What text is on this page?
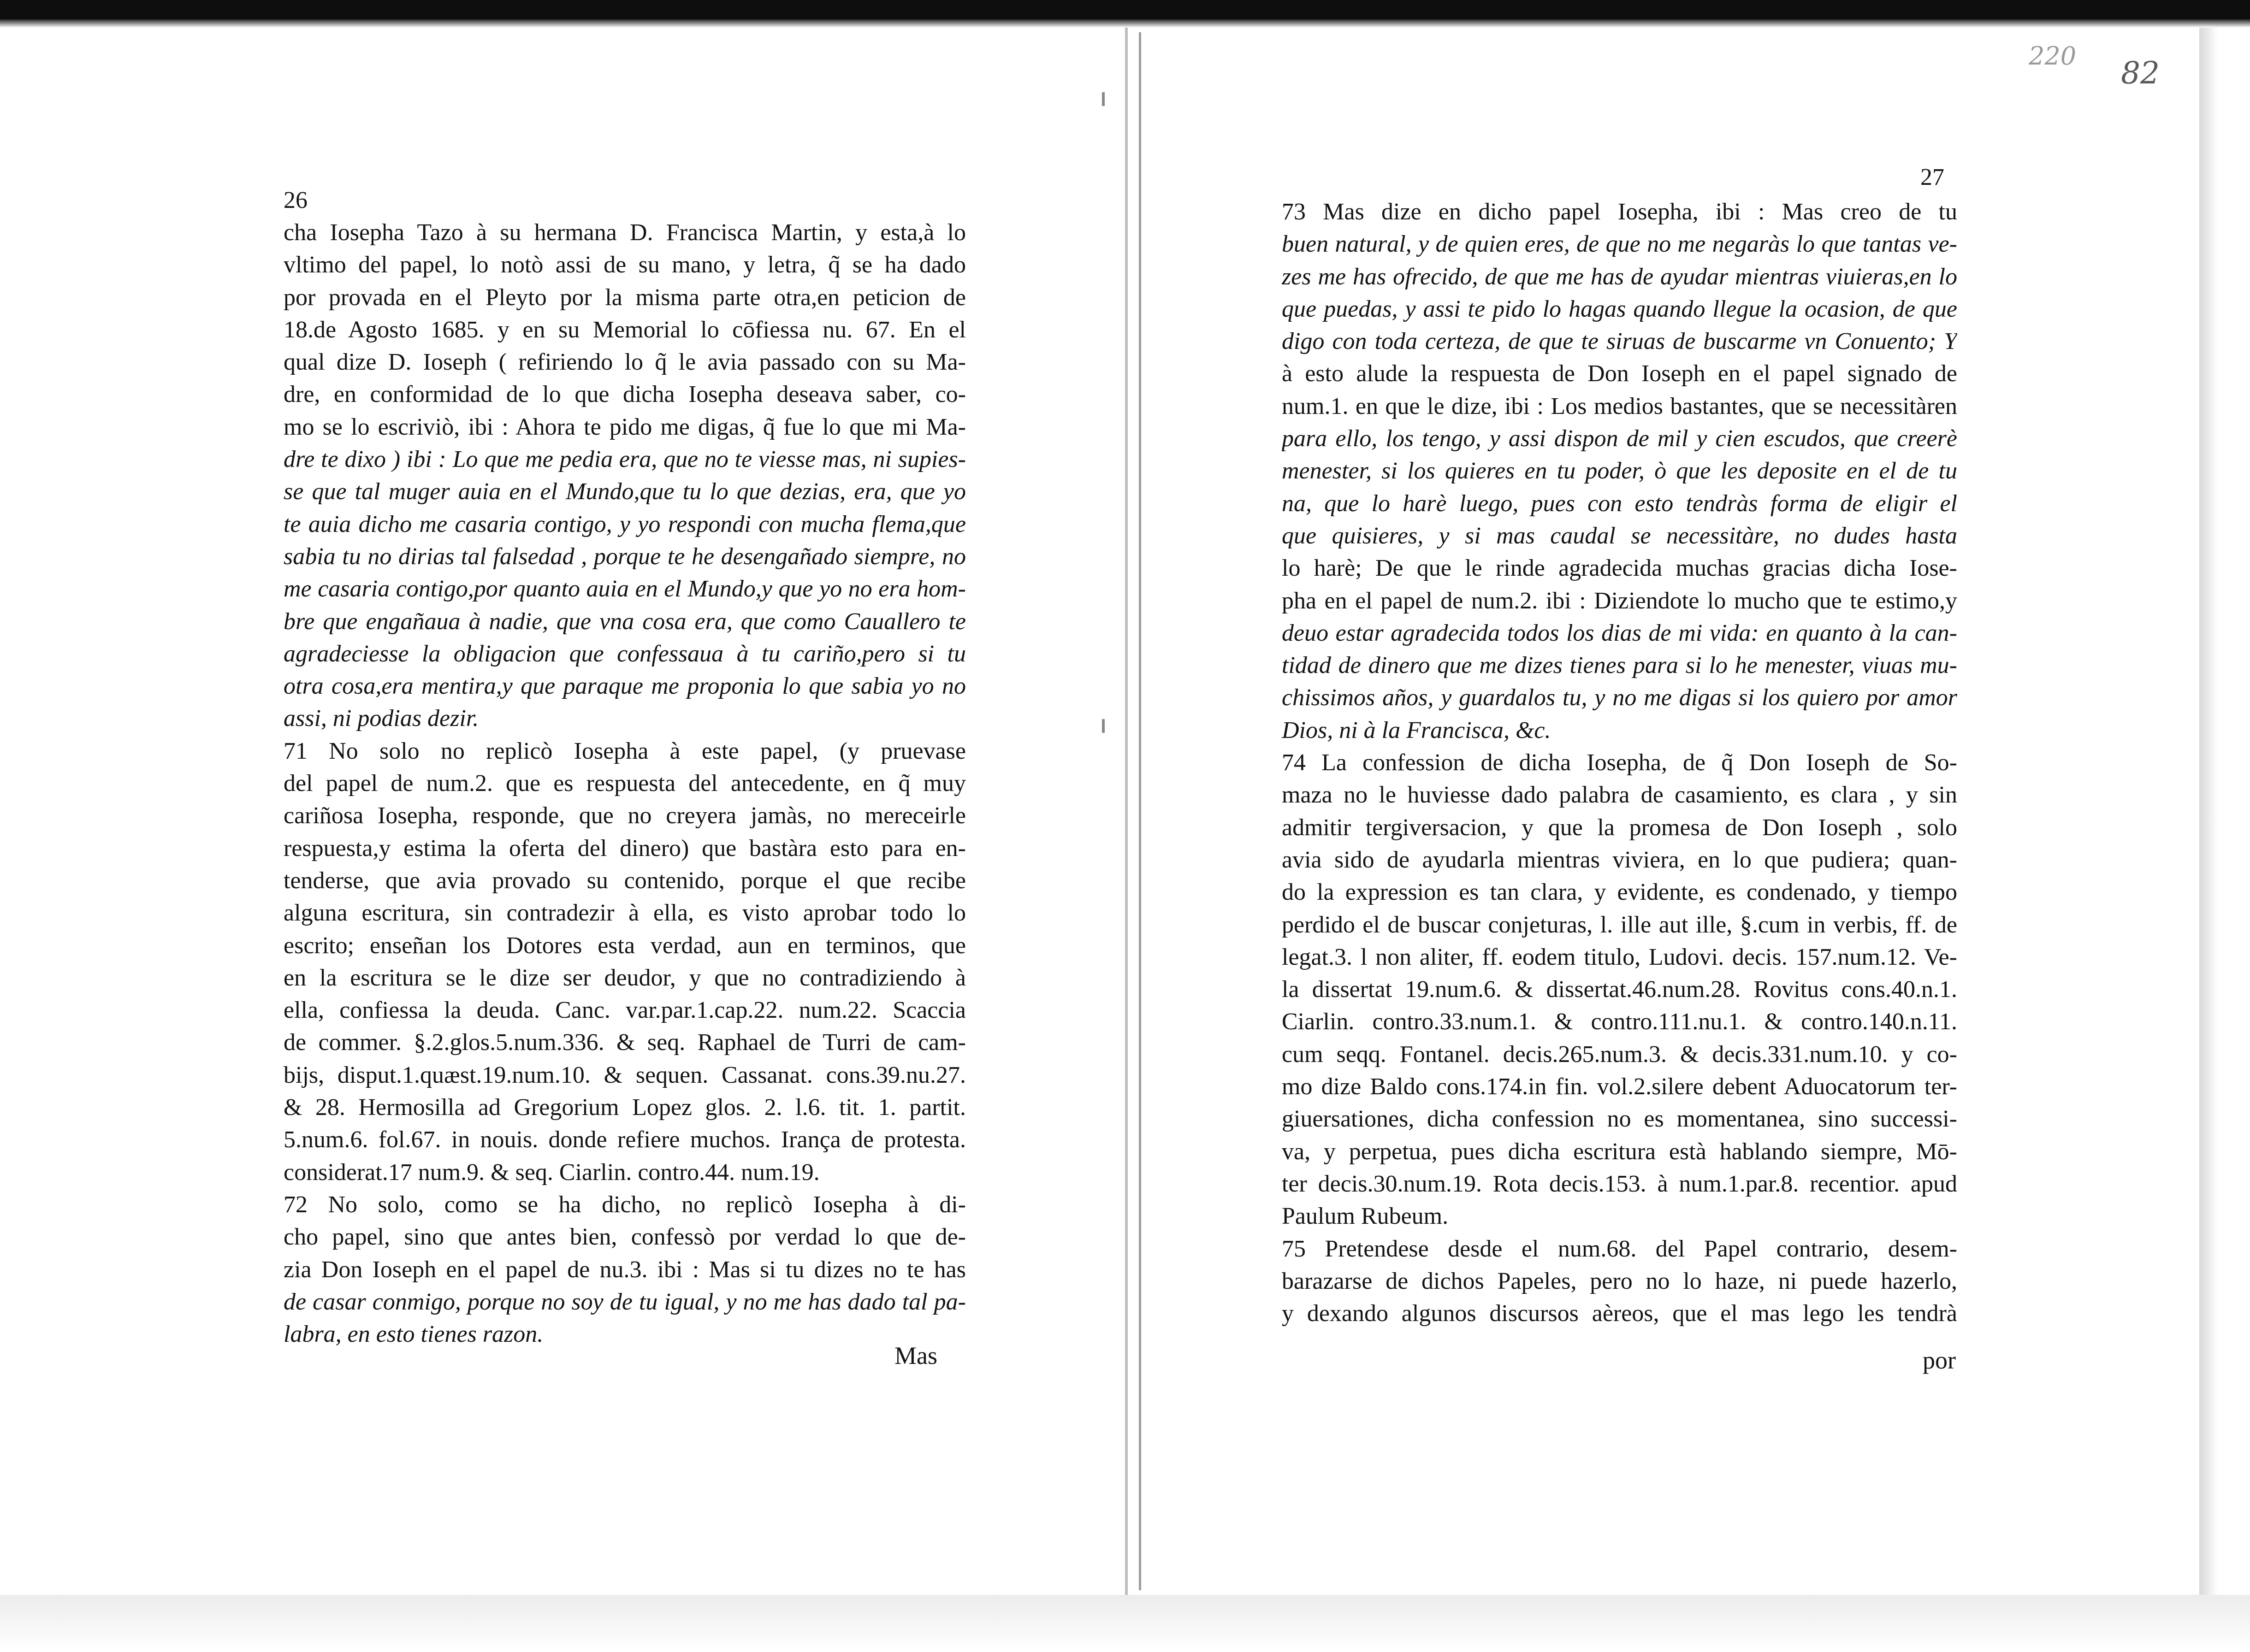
26
cha Iosepha Tazo à su hermana D. Francisca Martin, y esta,à lo
vltimo del papel, lo notò assi de su mano, y letra, q̃ se ha dado
por provada en el Pleyto por la misma parte otra,en peticion de
18.de Agosto 1685. y en su Memorial lo cōfiessa nu. 67. En el
qual dize D. Ioseph ( refiriendo lo q̃ le avia passado con su Ma-
dre, en conformidad de lo que dicha Iosepha deseava saber, co-
mo se lo escriviò, ibi : Ahora te pido me digas, q̃ fue lo que mi Ma-
dre te dixo ) ibi : Lo que me pedia era, que no te viesse mas, ni supies-
se que tal muger auia en el Mundo,que tu lo que dezias, era, que yo
te auia dicho me casaria contigo, y yo respondi con mucha flema,que
sabia tu no dirias tal falsedad , porque te he desengañado siempre, no
me casaria contigo,por quanto auia en el Mundo,y que yo no era hom-
bre que engañaua à nadie, que vna cosa era, que como Cauallero te
agradeciesse la obligacion que confessaua à tu cariño,pero si tu
otra cosa,era mentira,y que paraque me proponia lo que sabia yo no
assi, ni podias dezir.
71 No solo no replicò Iosepha à este papel, (y pruevase
del papel de num.2. que es respuesta del antecedente, en q̃ muy
cariñosa Iosepha, responde, que no creyera jamàs, no mereceirle
respuesta,y estima la oferta del dinero) que bastàra esto para en-
tenderse, que avia provado su contenido, porque el que recibe
alguna escritura, sin contradezir à ella, es visto aprobar todo lo
escrito; enseñan los Dotores esta verdad, aun en terminos, que
en la escritura se le dize ser deudor, y que no contradiziendo à
ella, confiessa la deuda. Canc. var.par.1.cap.22. num.22. Scaccia
de commer. §.2.glos.5.num.336. & seq. Raphael de Turri de cam-
bijs, disput.1.quæst.19.num.10. & sequen. Cassanat. cons.39.nu.27.
& 28. Hermosilla ad Gregorium Lopez glos. 2. l.6. tit. 1. partit.
5.num.6. fol.67. in nouis. donde refiere muchos. Irança de protesta.
considerat.17 num.9. & seq. Ciarlin. contro.44. num.19.
72 No solo, como se ha dicho, no replicò Iosepha à di-
cho papel, sino que antes bien, confessò por verdad lo que de-
zia Don Ioseph en el papel de nu.3. ibi : Mas si tu dizes no te has
de casar conmigo, porque no soy de tu igual, y no me has dado tal pa-
labra, en esto tienes razon.
Mas
220 82
27
73 Mas dize en dicho papel Iosepha, ibi : Mas creo de tu
buen natural, y de quien eres, de que no me negaràs lo que tantas ve-
zes me has ofrecido, de que me has de ayudar mientras viuieras,en lo
que puedas, y assi te pido lo hagas quando llegue la ocasion, de que
digo con toda certeza, de que te siruas de buscarme vn Conuento; Y
à esto alude la respuesta de Don Ioseph en el papel signado de
num.1. en que le dize, ibi : Los medios bastantes, que se necessitàren
para ello, los tengo, y assi dispon de mil y cien escudos, que creerè
menester, si los quieres en tu poder, ò que les deposite en el de tu
na, que lo harè luego, pues con esto tendràs forma de eligir el
que quisieres, y si mas caudal se necessitàre, no dudes hasta
lo harè; De que le rinde agradecida muchas gracias dicha Iose-
pha en el papel de num.2. ibi : Diziendote lo mucho que te estimo,y
deuo estar agradecida todos los dias de mi vida: en quanto à la can-
tidad de dinero que me dizes tienes para si lo he menester, viuas mu-
chissimos años, y guardalos tu, y no me digas si los quiero por amor
Dios, ni à la Francisca, &c.
74 La confession de dicha Iosepha, de q̃ Don Ioseph de So-
maza no le huviesse dado palabra de casamiento, es clara , y sin
admitir tergiversacion, y que la promesa de Don Ioseph , solo
avia sido de ayudarla mientras viviera, en lo que pudiera; quan-
do la expression es tan clara, y evidente, es condenado, y tiempo
perdido el de buscar conjeturas, l. ille aut ille, §.cum in verbis, ff. de
legat.3. l non aliter, ff. eodem titulo, Ludovi. decis. 157.num.12. Ve-
la dissertat 19.num.6. & dissertat.46.num.28. Rovitus cons.40.n.1.
Ciarlin. contro.33.num.1. & contro.111.nu.1. & contro.140.n.11.
cum seqq. Fontanel. decis.265.num.3. & decis.331.num.10. y co-
mo dize Baldo cons.174.in fin. vol.2.silere debent Aduocatorum ter-
giuersationes, dicha confession no es momentanea, sino successi-
va, y perpetua, pues dicha escritura està hablando siempre, Mō-
ter decis.30.num.19. Rota decis.153. à num.1.par.8. recentior. apud
Paulum Rubeum.
75 Pretendese desde el num.68. del Papel contrario, desem-
barazarse de dichos Papeles, pero no lo haze, ni puede hazerlo,
y dexando algunos discursos aèreos, que el mas lego les tendrà
por
